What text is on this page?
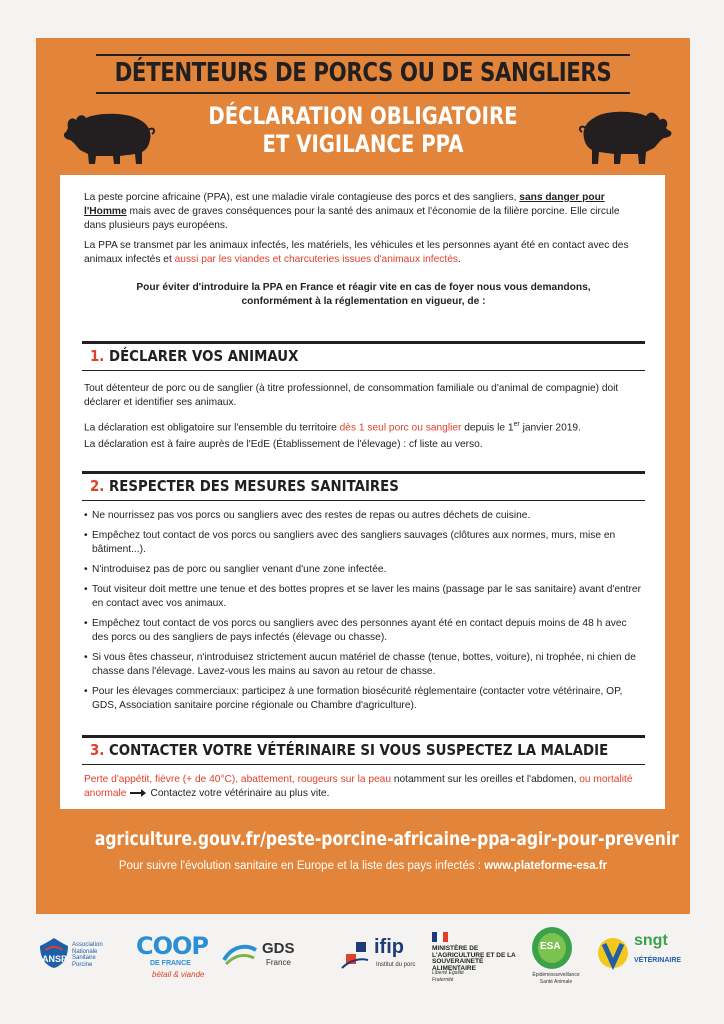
DÉTENTEURS DE PORCS OU DE SANGLIERS
DÉCLARATION OBLIGATOIRE
ET VIGILANCE PPA
La peste porcine africaine (PPA), est une maladie virale contagieuse des porcs et des sangliers, sans danger pour l'Homme mais avec de graves conséquences pour la santé des animaux et l'économie de la filière porcine. Elle circule dans plusieurs pays européens.
La PPA se transmet par les animaux infectés, les matériels, les véhicules et les personnes ayant été en contact avec des animaux infectés et aussi par les viandes et charcuteries issues d'animaux infectés.
Pour éviter d'introduire la PPA en France et réagir vite en cas de foyer nous vous demandons,
conformément à la réglementation en vigueur, de :
1. DÉCLARER VOS ANIMAUX
Tout détenteur de porc ou de sanglier (à titre professionnel, de consommation familiale ou d'animal de compagnie) doit déclarer et identifier ses animaux.
La déclaration est obligatoire sur l'ensemble du territoire dès 1 seul porc ou sanglier depuis le 1er janvier 2019.
La déclaration est à faire auprès de l'EdE (Établissement de l'élevage) : cf liste au verso.
2. RESPECTER DES MESURES SANITAIRES
• Ne nourrissez pas vos porcs ou sangliers avec des restes de repas ou autres déchets de cuisine.
• Empêchez tout contact de vos porcs ou sangliers avec des sangliers sauvages (clôtures aux normes, murs, mise en bâtiment...).
• N'introduisez pas de porc ou sanglier venant d'une zone infectée.
• Tout visiteur doit mettre une tenue et des bottes propres et se laver les mains (passage par le sas sanitaire) avant d'entrer en contact avec vos animaux.
• Empêchez tout contact de vos porcs ou sangliers avec des personnes ayant été en contact depuis moins de 48 h avec des porcs ou des sangliers de pays infectés (élevage ou chasse).
• Si vous êtes chasseur, n'introduisez strictement aucun matériel de chasse (tenue, bottes, voiture), ni trophée, ni chien de chasse dans l'élevage. Lavez-vous les mains au savon au retour de chasse.
• Pour les élevages commerciaux: participez à une formation biosécurité règlementaire (contacter votre vétérinaire, OP, GDS, Association sanitaire porcine régionale ou Chambre d'agriculture).
3. CONTACTER VOTRE VÉTÉRINAIRE SI VOUS SUSPECTEZ LA MALADIE
Perte d'appétit, fièvre (+ de 40°C), abattement, rougeurs sur la peau notamment sur les oreilles et l'abdomen, ou mortalité anormale Contactez votre vétérinaire au plus vite.
agriculture.gouv.fr/peste-porcine-africaine-ppa-agir-pour-prevenir
Pour suivre l'évolution sanitaire en Europe et la liste des pays infectés : www.plateforme-esa.fr
ANSP
Association Nationale Sanitaire Porcine
COOP
DE FRANCE
bétail & viande
GDS
France
ifip
Institut du porc
MINISTÈRE DE L'AGRICULTURE ET DE LA SOUVERAINETÉ ALIMENTAIRE
Liberté Égalité Fraternité
ESA
Épidémiosurveillance Santé Animale
sngt
VÉTÉRINAIRE
